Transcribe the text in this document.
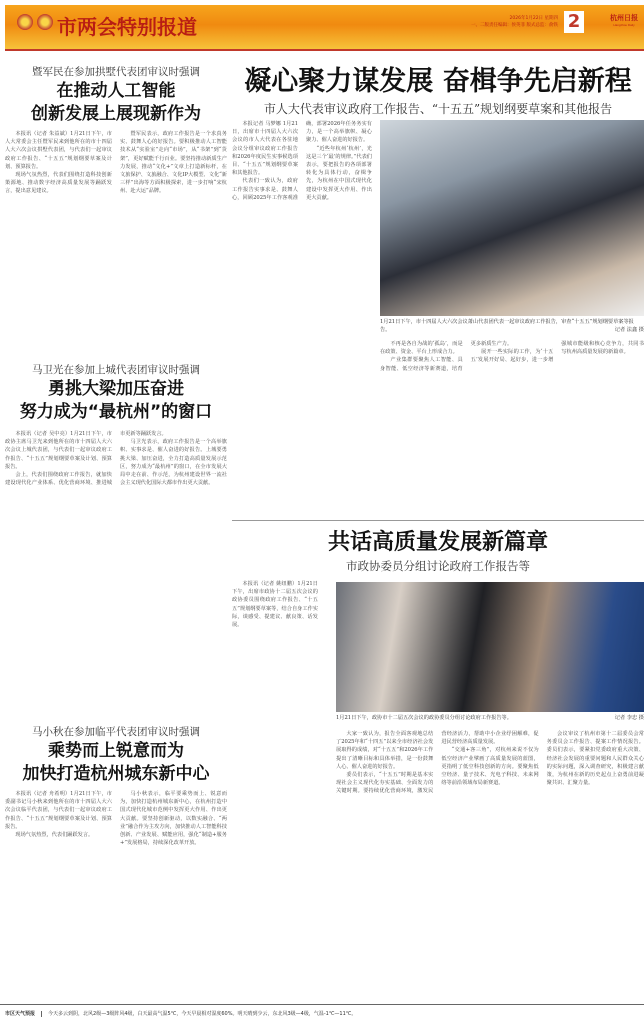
市两会特别报道	2026年1月22日 星期四
一、二版责任编辑：侯英菲 版式总监：俞铁 2	杭州日报
Hangzhou Daily
暨军民在参加拱墅代表团审议时强调
在推动人工智能
创新发展上展现新作为

本报讯（记者 朱益斌）1月21日下午，市人大常委会主任暨军民来到他所在的市十四届人大六次会议拱墅代表团，与代表们一起审议政府工作报告、“十五五”规划纲要草案及计划、预算报告。

现场气氛热烈，代表们围绕打造科技创新策源地、推动数字经济高质量发展等踊跃发言，提出意见建议。

暨军民表示，政府工作报告是一个求真务实、鼓舞人心的好报告。要积极推动人工智能技术从“实验室”走向“市场”，从“书架”到“货架”，更好赋能千行百业。要坚持推动新质生产力发展，推动“文化+”文章上打造新标杆，在文旅保护、文旅融合、文化IP大模型、文化“新三样”出海等方面积极探索，进一步打响“宋杭州、赴大运”品牌。

马卫光在参加上城代表团审议时强调
勇挑大梁加压奋进
努力成为“最杭州”的窗口

本报讯（记者 吴中亮）1月21日下午，市政协主席马卫光来到他所在的市十四届人大六次会议上城代表团，与代表们一起审议政府工作报告、“十五五”规划纲要草案及计划、预算报告。

会上，代表们围绕政府工作报告，就加快建设现代化产业体系、优化营商环境、推进城市更新等踊跃发言。

马卫光表示，政府工作报告是一个高举旗帜、实事求是、催人奋进的好报告。上城要勇挑大梁、加压奋进，全力打造高质量发展示范区，努力成为“最杭州”的窗口，在全市发展大局中走在前、作示范，为杭州建设世界一流社会主义现代化国际大都市作出更大贡献。

马小秋在参加临平代表团审议时强调
乘势而上锐意而为
加快打造杭州城东新中心

本报讯（记者 舟希明）1月21日下午，市委副书记马小秋来到他所在的市十四届人大六次会议临平代表团，与代表们一起审议政府工作报告、“十五五”规划纲要草案及计划、预算报告。

现场气氛热烈，代表们踊跃发言。

马小秋表示，临平要乘势而上、锐意而为，加快打造杭州城东新中心，在杭州打造中国式现代化城市范例中发挥更大作用、作出更大贡献。要坚持创新驱动，以数实融合、“两业”融合作为主攻方向，加快推动人工智能科技创新、产业发展、赋能应用，强化“制造+服务+”发展格局，持续深化改革开放。

凝心聚力谋发展 奋楫争先启新程
市人大代表审议政府工作报告、“十五五”规划纲要草案和其他报告
1月21日下午，市十四届人大六次会议萧山代表团代表一起审议政府工作报告，审查“十五五”规划纲要草案等报告。	记者 法鑫 摄

本报记者 马梦娜 1月21日，出席市十四届人大六次会议的市人大代表在各驻地会议分组审议政府工作报告和2026年度民生实事候选项目、“十五五”规划纲要草案和其他报告。

代表们一致认为，政府工作报告实事求是、鼓舞人心，回顾2025年工作客观准确，部署2026年任务务实有力，是一个高举旗帜、凝心聚力、催人奋进的好报告。

“近些年杭州‘杭州’，光这是三个‘最’的规律。”代表们表示，要把报告的各项部署转化为具体行动，奋楫争先，为杭州在中国式现代化建设中发挥更大作用、作出更大贡献。

不再是各自为战的‘孤岛’，而是在政策、资金、平台上形成合力。

产业集群要聚焦人工智能、具身智能、低空经济等新赛道，培育更多新质生产力。

展开一些实际的工作，为‘十五五’发展开好局、起好步，进一步增强城市能级和核心竞争力，共同书写杭州高质量发展的新篇章。

共话高质量发展新篇章
市政协委员分组讨论政府工作报告等

本报讯（记者 姚纽鹏）1月21日下午，出席市政协十二届五次会议的政协委员围绕政府工作报告、“十五五”规划纲要草案等，结合自身工作实际，谈感受、提建议、献良策、话发展。

1月21日下午，政协市十二届五次会议的政协委员分组讨论政府工作报告等。	记者 李忠 摄

大家一致认为，报告全面客观地总结了2025年和“十四五”以来全市经济社会发展取得的成绩，对“十五五”和2026年工作提出了清晰目标和具体举措，是一份鼓舞人心、催人奋进的好报告。

委员们表示，“十五五”时期是基本实现社会主义现代化夯实基础、全面发力的关键时期。要持续优化营商环境，激发民营经济活力，帮助中小企业纾困解难，促进民营经济高质量发展。

“交通+客三角”，对杭州来说不仅为低空经济产业擘画了高质量发展的蓝图，更指明了低空科技创新的方向。要聚焦低空经济、量子技术、光电子科技、未来网络等前沿领域布局新赛道。

会议审议了杭州市第十二届委员会常务委员会工作报告、提案工作情况报告。委员们表示，要紧扣党委政府重大决策、经济社会发展的重要问题和人民群众关心的实际问题，深入调查研究，积极建言献策，为杭州在新的历史起点上奋勇前进凝聚共识、汇聚力量。

市区天气预报	今天多云到阴，北风2级—3级阵风4级，白天最高气温5℃，今天早晨相对湿度60%。明天晴到少云，东北风3级—4级，气温-1℃—11℃。
